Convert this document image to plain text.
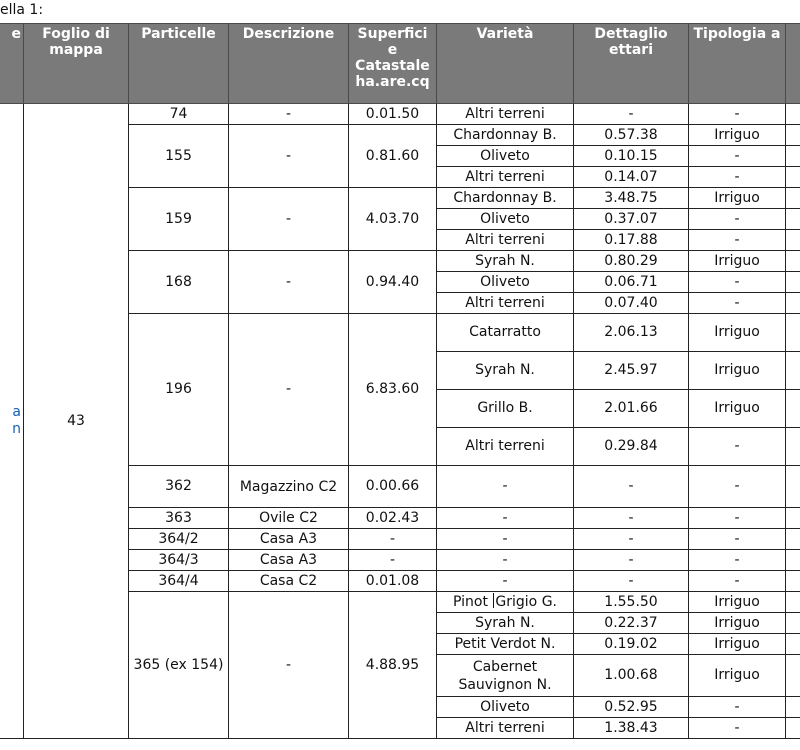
ella 1:
e	Foglio di mappa	Particelle	Descrizione	Superfici e Catastale ha.are.cq	Varietà	Dettaglio ettari	Tipologia a	
a
n	43	74	-	0.01.50	Altri terreni	-	-	
		155	-	0.81.60	Chardonnay B.	0.57.38	Irriguo	
					Oliveto	0.10.15	-	
					Altri terreni	0.14.07	-	
		159	-	4.03.70	Chardonnay B.	3.48.75	Irriguo	
					Oliveto	0.37.07	-	
					Altri terreni	0.17.88	-	
		168	-	0.94.40	Syrah N.	0.80.29	Irriguo	
					Oliveto	0.06.71	-	
					Altri terreni	0.07.40	-	
		196	-	6.83.60	Catarratto	2.06.13	Irriguo	
					Syrah N.	2.45.97	Irriguo	
					Grillo B.	2.01.66	Irriguo	
					Altri terreni	0.29.84	-	
		362	Magazzino C2	0.00.66	-	-	-	
		363	Ovile C2	0.02.43	-	-	-	
		364/2	Casa A3	-	-	-	-	
		364/3	Casa A3	-	-	-	-	
		364/4	Casa C2	0.01.08	-	-	-	
		365 (ex 154)	-	4.88.95	Pinot Grigio G.	1.55.50	Irriguo	
					Syrah N.	0.22.37	Irriguo	
					Petit Verdot N.	0.19.02	Irriguo	
					Cabernet Sauvignon N.	1.00.68	Irriguo	
					Oliveto	0.52.95	-	
					Altri terreni	1.38.43	-	
